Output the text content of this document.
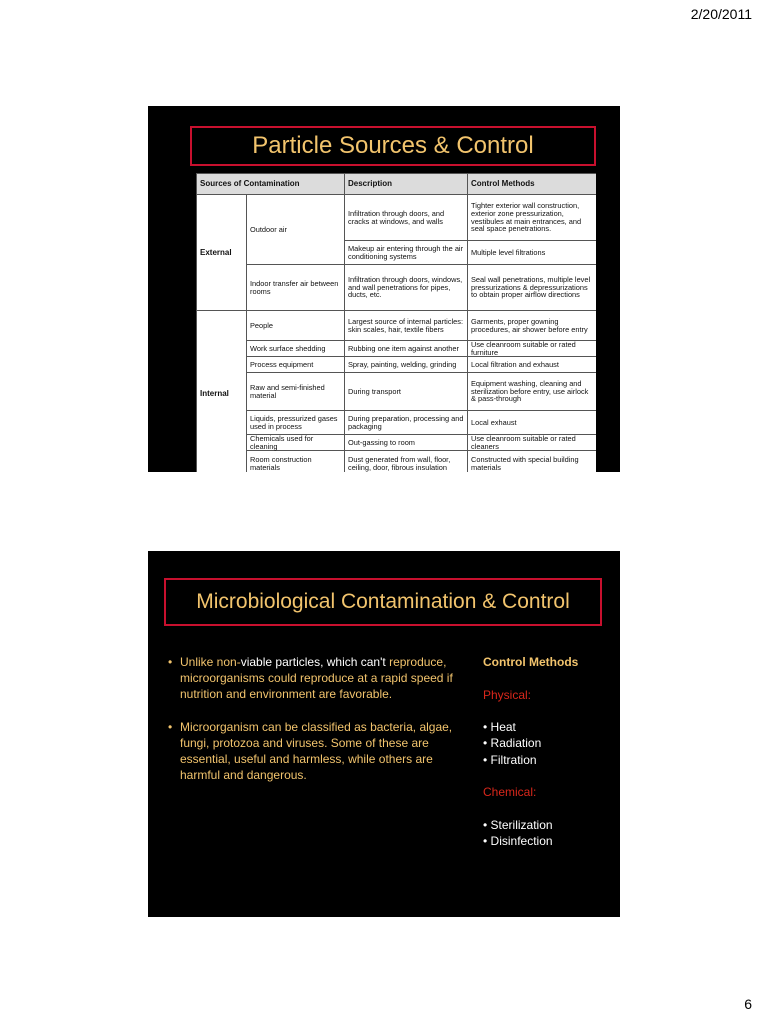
2/20/2011
Particle Sources & Control
Sources of Contamination		Description	Control Methods
External	Outdoor air	Infiltration through doors, and cracks at windows, and walls	Tighter exterior wall construction, exterior zone pressurization, vestibules at main entrances, and seal space penetrations.
		Makeup air entering through the air conditioning systems	Multiple level filtrations
	Indoor transfer air between rooms	Infiltration through doors, windows, and wall penetrations for pipes, ducts, etc.	Seal wall penetrations, multiple level pressurizations & depressurizations to obtain proper airflow directions
Internal	People	Largest source of internal particles: skin scales, hair, textile fibers	Garments, proper gowning procedures, air shower before entry
	Work surface shedding	Rubbing one item against another	Use cleanroom suitable or rated furniture
	Process equipment	Spray, painting, welding, grinding	Local filtration and exhaust
	Raw and semi-finished material	During transport	Equipment washing, cleaning and sterilization before entry, use airlock & pass-through
	Liquids, pressurized gases used in process	During preparation, processing and packaging	Local exhaust
	Chemicals used for cleaning	Out-gassing to room	Use cleanroom suitable or rated cleaners
	Room construction materials	Dust generated from wall, floor, ceiling, door, fibrous insulation	Constructed with special building materials
Microbiological Contamination & Control
• Unlike non-viable particles, which can't reproduce, microorganisms could reproduce at a rapid speed if nutrition and environment are favorable.
• Microorganism can be classified as bacteria, algae, fungi, protozoa and viruses. Some of these are essential, useful and harmless, while others are harmful and dangerous.
Control Methods
Physical:
• Heat
• Radiation
• Filtration
Chemical:
• Sterilization
• Disinfection
6
